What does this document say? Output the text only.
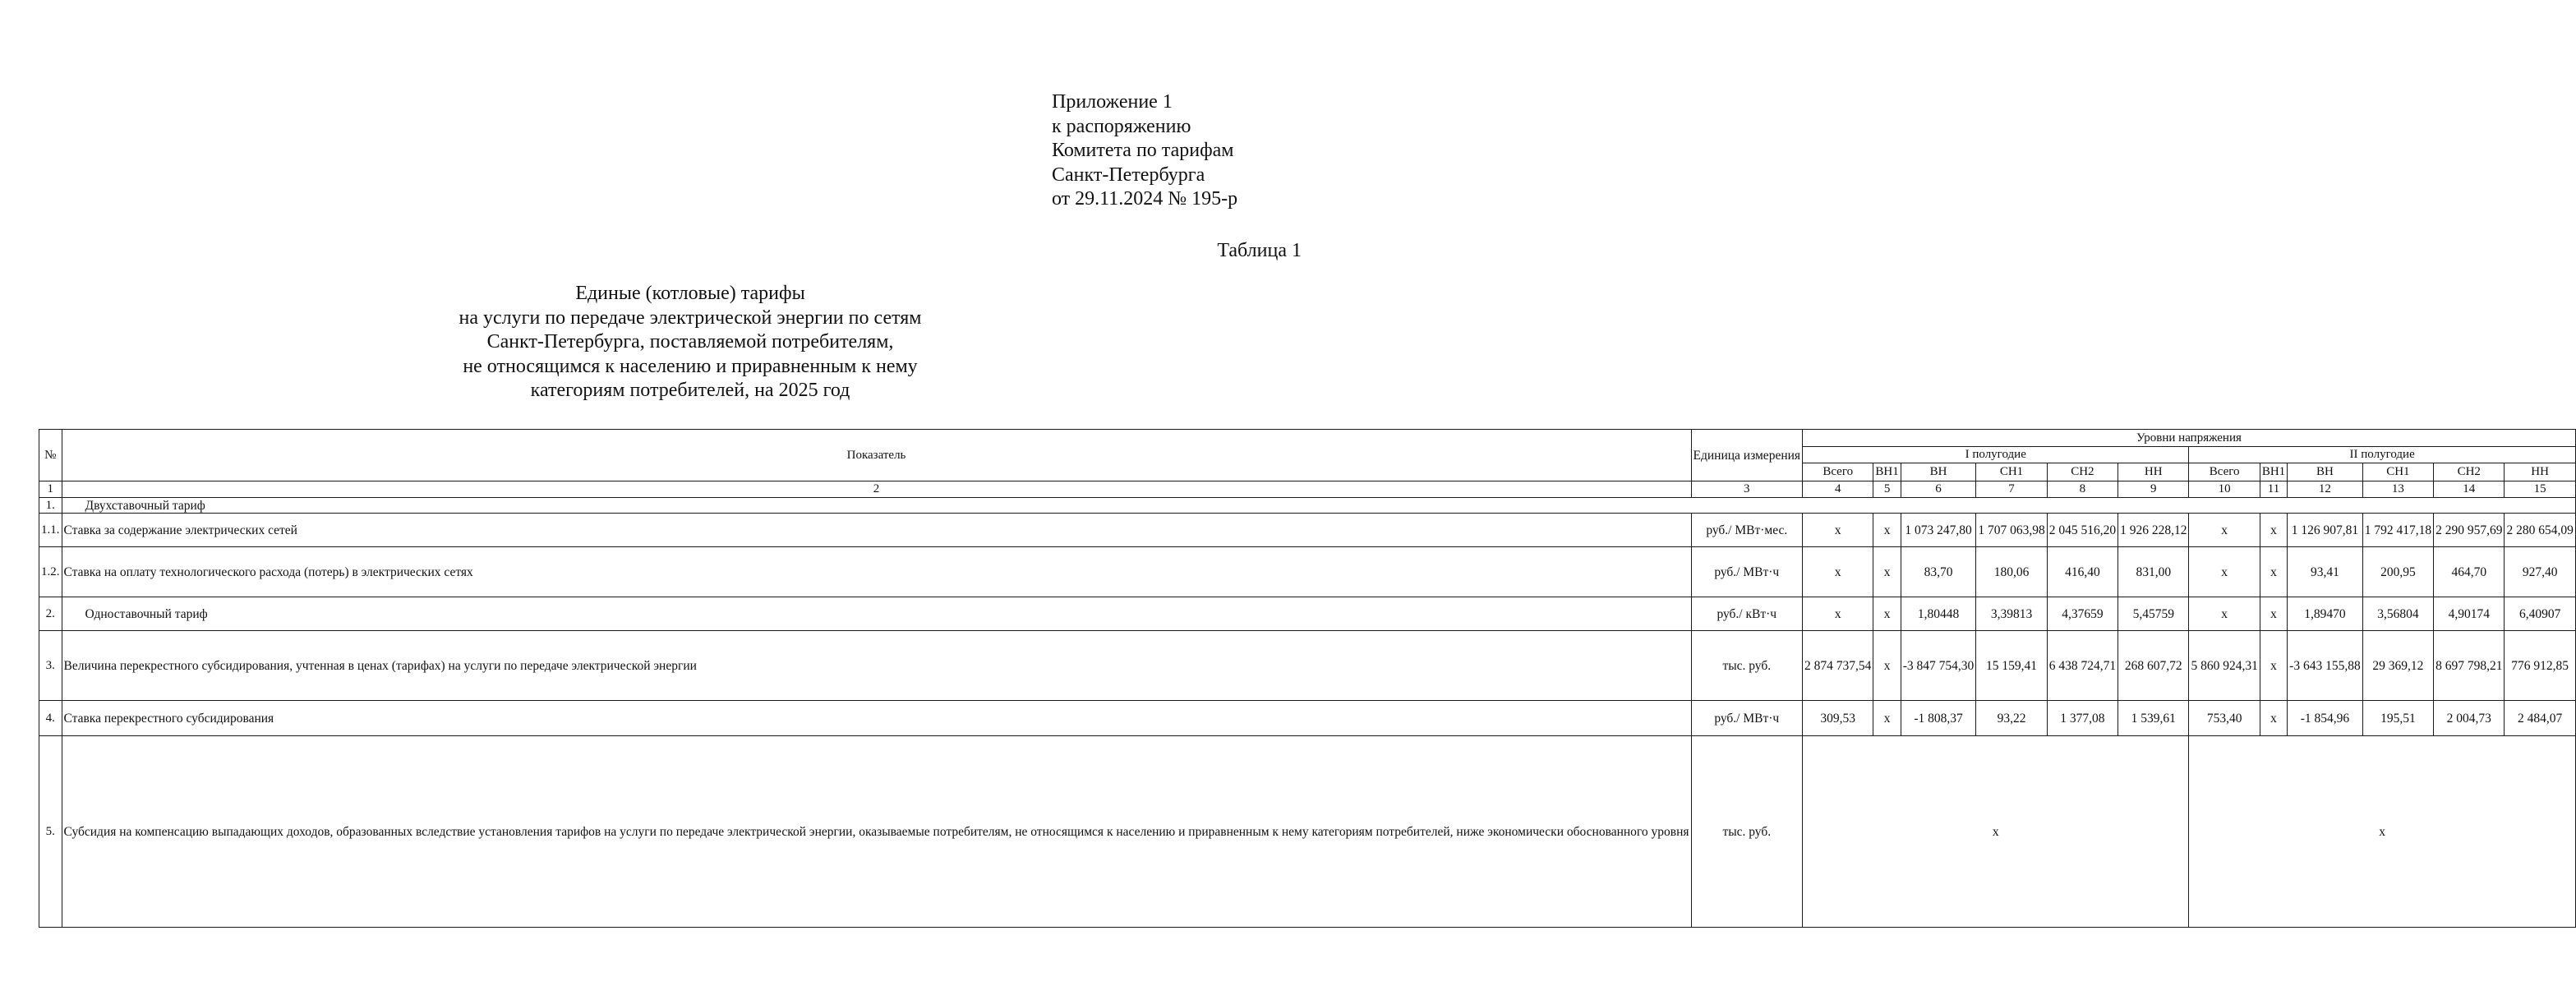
Приложение 1
к распоряжению
Комитета по тарифам
Санкт-Петербурга
от 29.11.2024 № 195-р
Таблица 1
Единые (котловые) тарифы
на услуги по передаче электрической энергии по сетям
Санкт-Петербурга, поставляемой потребителям,
не относящимся к населению и приравненным к нему
категориям потребителей, на 2025 год
№	Показатель	Единица измерения	Уровни напряжения											
			I полугодие						II полугодие					
			Всего	ВН1	ВН	СН1	СН2	НН	Всего	ВН1	ВН	СН1	СН2	НН
1	2	3	4	5	6	7	8	9	10	11	12	13	14	15
1.	Двухставочный тариф													
1.1.	Ставка за содержание электрических сетей	руб./ МВт·мес.	x	x	1 073 247,80	1 707 063,98	2 045 516,20	1 926 228,12	x	x	1 126 907,81	1 792 417,18	2 290 957,69	2 280 654,09
1.2.	Ставка на оплату технологического расхода (потерь) в электрических сетях	руб./ МВт·ч	x	x	83,70	180,06	416,40	831,00	x	x	93,41	200,95	464,70	927,40
2.	Одноставочный тариф	руб./ кВт·ч	x	x	1,80448	3,39813	4,37659	5,45759	x	x	1,89470	3,56804	4,90174	6,40907
3.	Величина перекрестного субсидирования, учтенная в ценах (тарифах) на услуги по передаче электрической энергии	тыс. руб.	2 874 737,54	x	-3 847 754,30	15 159,41	6 438 724,71	268 607,72	5 860 924,31	x	-3 643 155,88	29 369,12	8 697 798,21	776 912,85
4.	Ставка перекрестного субсидирования	руб./ МВт·ч	309,53	x	-1 808,37	93,22	1 377,08	1 539,61	753,40	x	-1 854,96	195,51	2 004,73	2 484,07
5.	Субсидия на компенсацию выпадающих доходов, образованных вследствие установления тарифов на услуги по передаче электрической энергии, оказываемые потребителям, не относящимся к населению и приравненным к нему категориям потребителей, ниже экономически обоснованного уровня	тыс. руб.	x						x					
